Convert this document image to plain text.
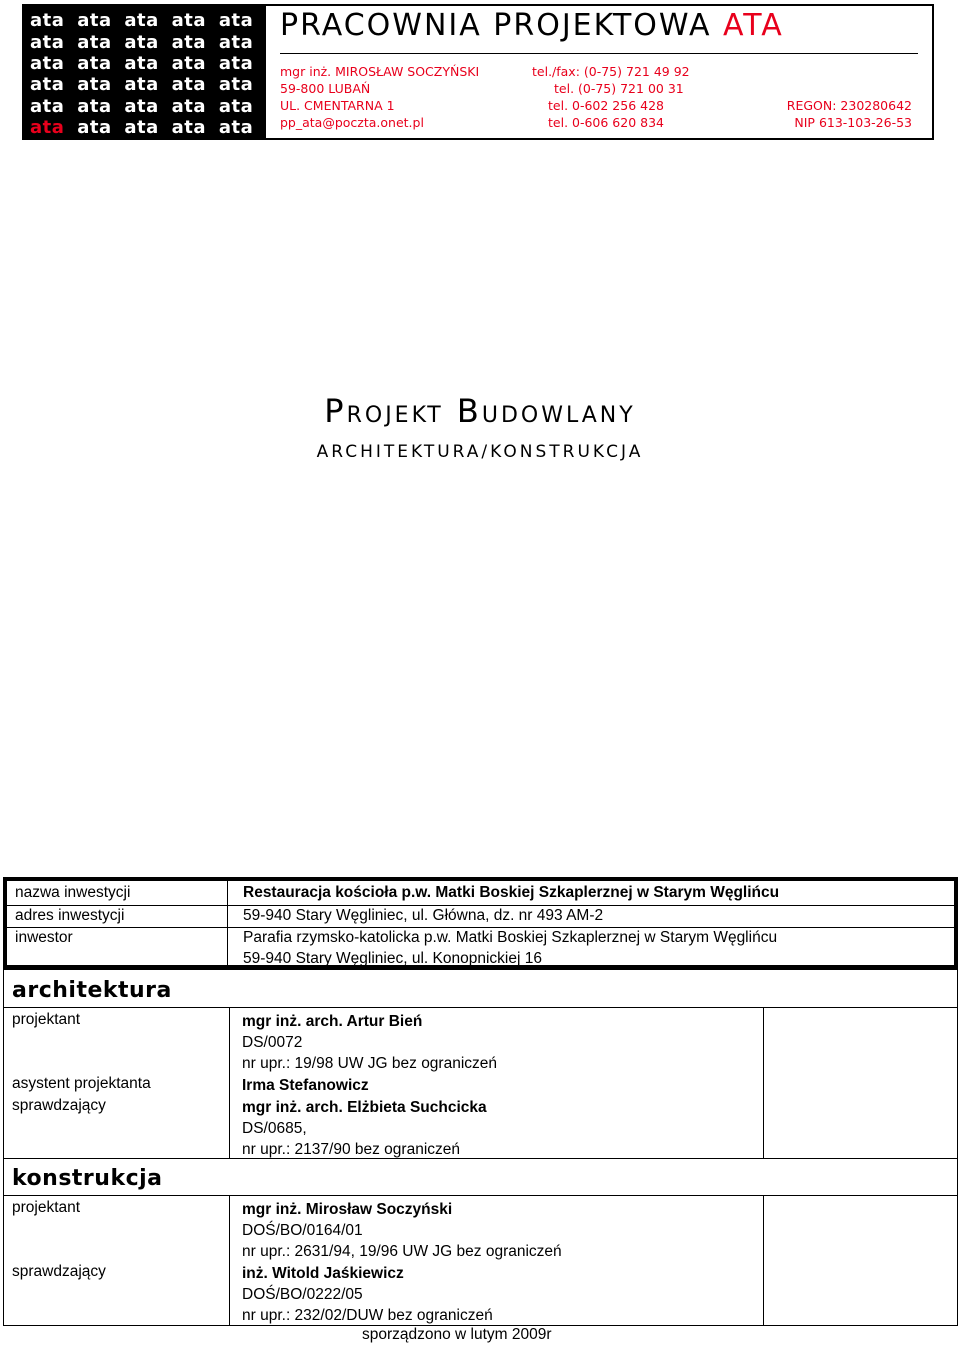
ata ata ata ata ata
ata ata ata ata ata
ata ata ata ata ata
ata ata ata ata ata
ata ata ata ata ata
ata ata ata ata ata
PRACOWNIA PROJEKTOWA ATA
mgr inż. MIROSŁAW SOCZYŃSKI
59-800 LUBAŃ
UL. CMENTARNA 1
pp_ata@poczta.onet.pl
tel./fax: (0-75) 721 49 92
tel. (0-75) 721 00 31
tel. 0-602 256 428
tel. 0-606 620 834
REGON: 230280642
NIP 613-103-26-53
Projekt Budowlany
ARCHITEKTURA/KONSTRUKCJA
nazwa inwestycji	Restauracja kościoła p.w. Matki Boskiej Szkaplerznej w Starym Węglińcu
adres inwestycji	59-940 Stary Węgliniec, ul. Główna, dz. nr 493 AM-2
inwestor	Parafia rzymsko-katolicka p.w. Matki Boskiej Szkaplerznej w Starym Węglińcu
59-940 Stary Węgliniec, ul. Konopnickiej 16
architektura
projektant	mgr inż. arch. Artur Bień
DS/0072
nr upr.: 19/98 UW JG bez ograniczeń
asystent projektanta	Irma Stefanowicz
sprawdzający	mgr inż. arch. Elżbieta Suchcicka
DS/0685,
nr upr.: 2137/90 bez ograniczeń
konstrukcja
projektant	mgr inż. Mirosław Soczyński
DOŚ/BO/0164/01
nr upr.: 2631/94, 19/96 UW JG bez ograniczeń
sprawdzający	inż. Witold Jaśkiewicz
DOŚ/BO/0222/05
nr upr.: 232/02/DUW bez ograniczeń
sporządzono w lutym 2009r
